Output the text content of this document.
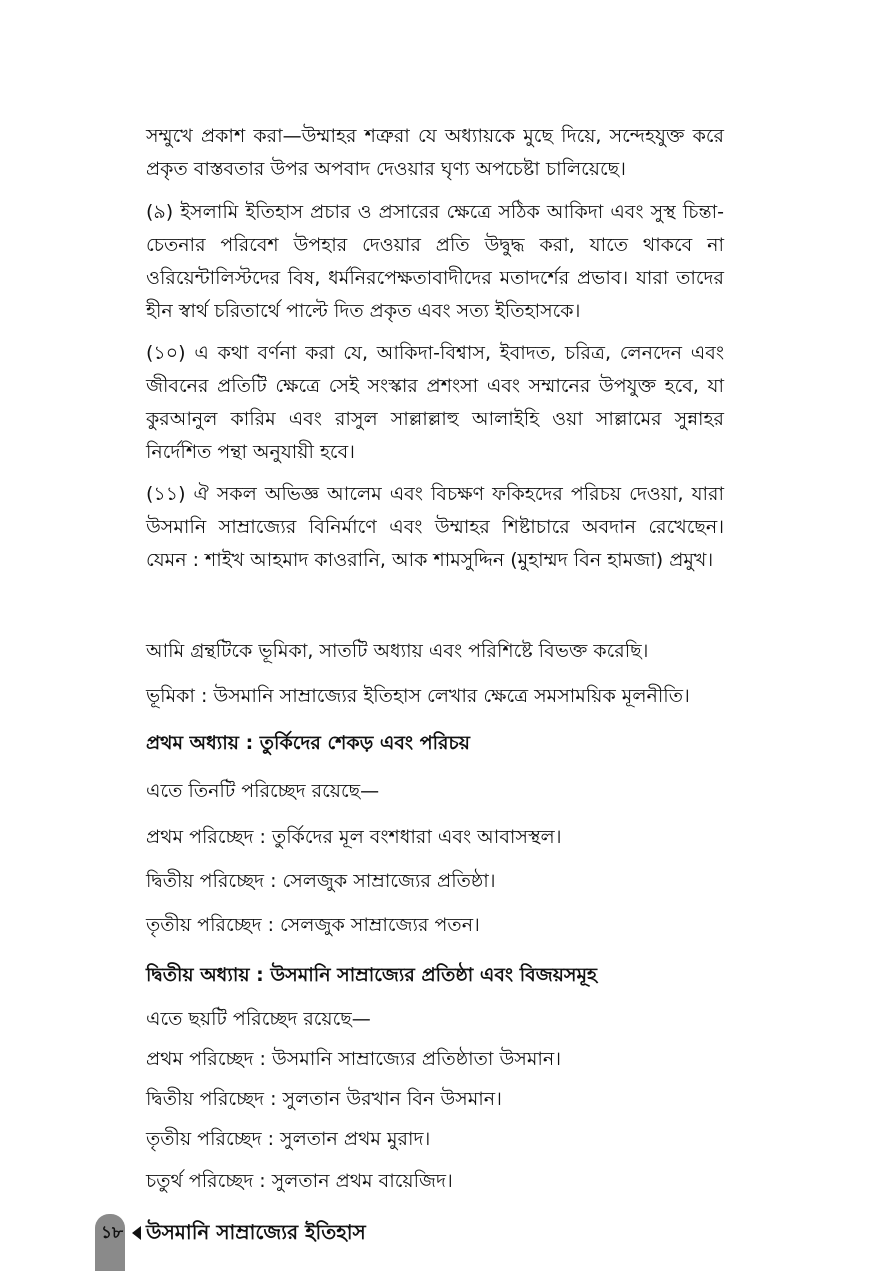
সম্মুখে প্রকাশ করা—উম্মাহর শত্রুরা যে অধ্যায়কে মুছে দিয়ে, সন্দেহযুক্ত করে প্রকৃত বাস্তবতার উপর অপবাদ দেওয়ার ঘৃণ্য অপচেষ্টা চালিয়েছে।

(৯) ইসলামি ইতিহাস প্রচার ও প্রসারের ক্ষেত্রে সঠিক আকিদা এবং সুস্থ চিন্তা-চেতনার পরিবেশ উপহার দেওয়ার প্রতি উদ্বুদ্ধ করা, যাতে থাকবে না ওরিয়েন্টালিস্টদের বিষ, ধর্মনিরপেক্ষতাবাদীদের মতাদর্শের প্রভাব। যারা তাদের হীন স্বার্থ চরিতার্থে পাল্টে দিত প্রকৃত এবং সত্য ইতিহাসকে।

(১০) এ কথা বর্ণনা করা যে, আকিদা-বিশ্বাস, ইবাদত, চরিত্র, লেনদেন এবং জীবনের প্রতিটি ক্ষেত্রে সেই সংস্কার প্রশংসা এবং সম্মানের উপযুক্ত হবে, যা কুরআনুল কারিম এবং রাসুল সাল্লাল্লাহু আলাইহি ওয়া সাল্লামের সুন্নাহর নির্দেশিত পন্থা অনুযায়ী হবে।

(১১) ঐ সকল অভিজ্ঞ আলেম এবং বিচক্ষণ ফকিহদের পরিচয় দেওয়া, যারা উসমানি সাম্রাজ্যের বিনির্মাণে এবং উম্মাহর শিষ্টাচারে অবদান রেখেছেন। যেমন : শাইখ আহমাদ কাওরানি, আক শামসুদ্দিন (মুহাম্মদ বিন হামজা) প্রমুখ।

আমি গ্রন্থটিকে ভূমিকা, সাতটি অধ্যায় এবং পরিশিষ্টে বিভক্ত করেছি।

ভূমিকা : উসমানি সাম্রাজ্যের ইতিহাস লেখার ক্ষেত্রে সমসাময়িক মূলনীতি।

প্রথম অধ্যায় : তুর্কিদের শেকড় এবং পরিচয়

এতে তিনটি পরিচ্ছেদ রয়েছে—

প্রথম পরিচ্ছেদ : তুর্কিদের মূল বংশধারা এবং আবাসস্থল।

দ্বিতীয় পরিচ্ছেদ : সেলজুক সাম্রাজ্যের প্রতিষ্ঠা।

তৃতীয় পরিচ্ছেদ : সেলজুক সাম্রাজ্যের পতন।

দ্বিতীয় অধ্যায় : উসমানি সাম্রাজ্যের প্রতিষ্ঠা এবং বিজয়সমূহ

এতে ছয়টি পরিচ্ছেদ রয়েছে—

প্রথম পরিচ্ছেদ : উসমানি সাম্রাজ্যের প্রতিষ্ঠাতা উসমান।

দ্বিতীয় পরিচ্ছেদ : সুলতান উরখান বিন উসমান।

তৃতীয় পরিচ্ছেদ : সুলতান প্রথম মুরাদ।

চতুর্থ পরিচ্ছেদ : সুলতান প্রথম বায়েজিদ।

১৮ উসমানি সাম্রাজ্যের ইতিহাস
